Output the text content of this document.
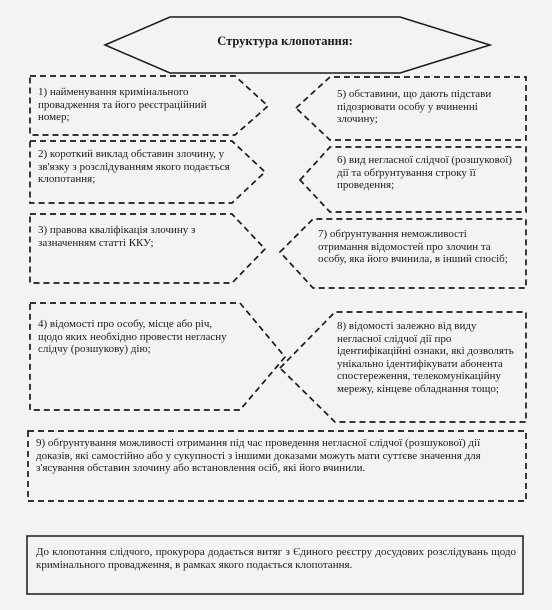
Структура клопотання:
1) найменування кримінального провадження та його реєстраційний номер;
2) короткий виклад обставин злочину, у зв'язку з розслідуванням якого подається клопотання;
3) правова кваліфікація злочину з зазначенням статті ККУ;
4) відомості про особу, місце або річ, щодо яких необхідно провести негласну слідчу (розшукову) дію;
5) обставини, що дають підстави підозрювати особу у вчиненні злочину;
6) вид негласної слідчої (розшукової) дії та обґрунтування строку її проведення;
7) обґрунтування неможливості отримання відомостей про злочин та особу, яка його вчинила, в інший спосіб;
8) відомості залежно від виду негласної слідчої дії про ідентифікаційні ознаки, які дозволять унікально ідентифікувати абонента спостереження, телекомунікаційну мережу, кінцеве обладнання тощо;
9) обґрунтування можливості отримання під час проведення негласної слідчої (розшукової) дії доказів, які самостійно або у сукупності з іншими доказами можуть мати суттєве значення для з'ясування обставин злочину або встановлення осіб, які його вчинили.
До клопотання слідчого, прокурора додається витяг з Єдиного реєстру досудових розслідувань щодо кримінального провадження, в рамках якого подається клопотання.
